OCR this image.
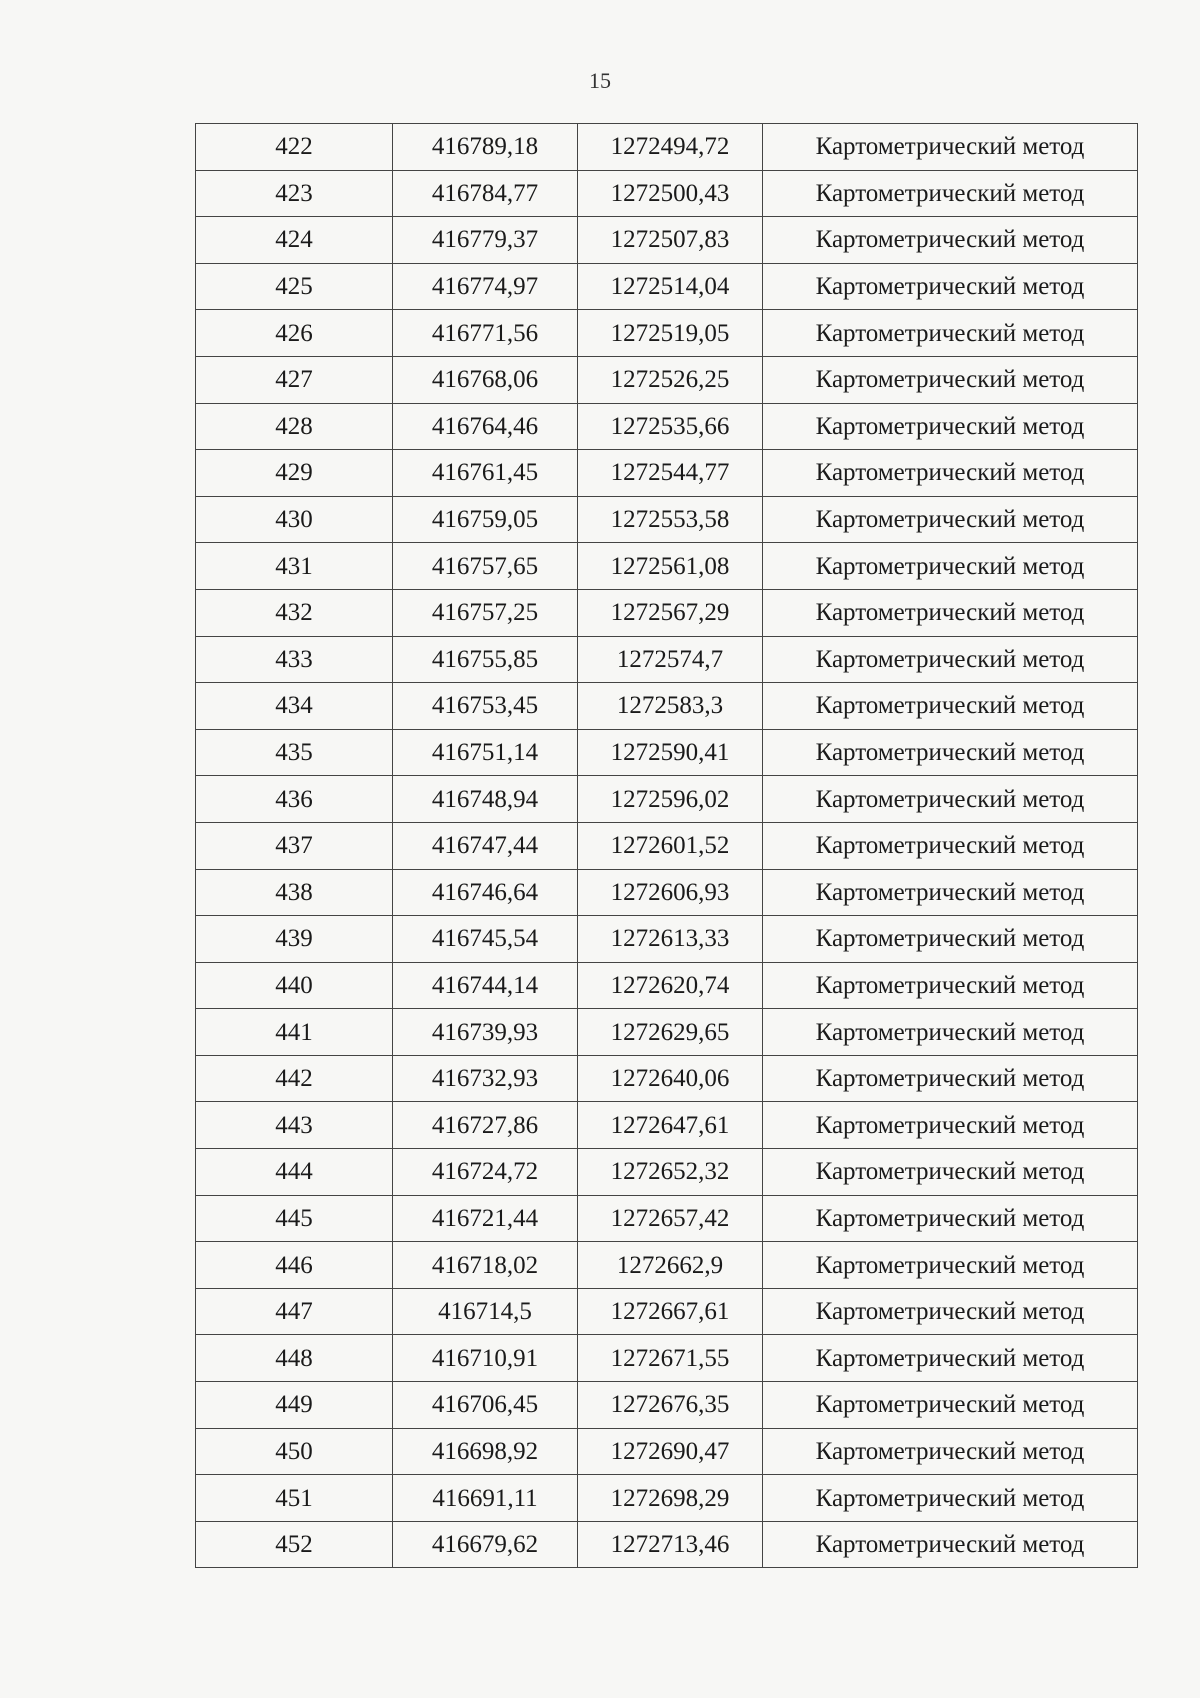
15
422	416789,18	1272494,72	Картометрический метод
423	416784,77	1272500,43	Картометрический метод
424	416779,37	1272507,83	Картометрический метод
425	416774,97	1272514,04	Картометрический метод
426	416771,56	1272519,05	Картометрический метод
427	416768,06	1272526,25	Картометрический метод
428	416764,46	1272535,66	Картометрический метод
429	416761,45	1272544,77	Картометрический метод
430	416759,05	1272553,58	Картометрический метод
431	416757,65	1272561,08	Картометрический метод
432	416757,25	1272567,29	Картометрический метод
433	416755,85	1272574,7	Картометрический метод
434	416753,45	1272583,3	Картометрический метод
435	416751,14	1272590,41	Картометрический метод
436	416748,94	1272596,02	Картометрический метод
437	416747,44	1272601,52	Картометрический метод
438	416746,64	1272606,93	Картометрический метод
439	416745,54	1272613,33	Картометрический метод
440	416744,14	1272620,74	Картометрический метод
441	416739,93	1272629,65	Картометрический метод
442	416732,93	1272640,06	Картометрический метод
443	416727,86	1272647,61	Картометрический метод
444	416724,72	1272652,32	Картометрический метод
445	416721,44	1272657,42	Картометрический метод
446	416718,02	1272662,9	Картометрический метод
447	416714,5	1272667,61	Картометрический метод
448	416710,91	1272671,55	Картометрический метод
449	416706,45	1272676,35	Картометрический метод
450	416698,92	1272690,47	Картометрический метод
451	416691,11	1272698,29	Картометрический метод
452	416679,62	1272713,46	Картометрический метод
